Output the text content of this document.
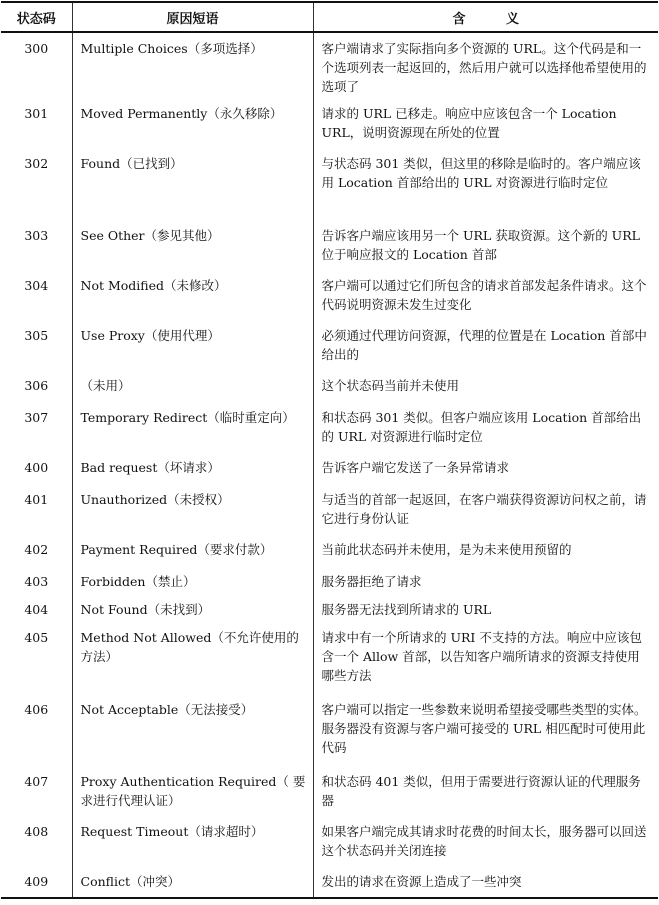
状态码	原因短语	含 义
300	Multiple Choices（多项选择）	客户端请求了实际指向多个资源的 URL。这个代码是和一个选项列表一起返回的，然后用户就可以选择他希望使用的选项了
301	Moved Permanently（永久移除）	请求的 URL 已移走。响应中应该包含一个 Location URL，说明资源现在所处的位置
302	Found（已找到）	与状态码 301 类似，但这里的移除是临时的。客户端应该用 Location 首部给出的 URL 对资源进行临时定位
303	See Other（参见其他）	告诉客户端应该用另一个 URL 获取资源。这个新的 URL 位于响应报文的 Location 首部
304	Not Modified（未修改）	客户端可以通过它们所包含的请求首部发起条件请求。这个代码说明资源未发生过变化
305	Use Proxy（使用代理）	必须通过代理访问资源，代理的位置是在 Location 首部中给出的
306	（未用）	这个状态码当前并未使用
307	Temporary Redirect（临时重定向）	和状态码 301 类似。但客户端应该用 Location 首部给出的 URL 对资源进行临时定位
400	Bad request（坏请求）	告诉客户端它发送了一条异常请求
401	Unauthorized（未授权）	与适当的首部一起返回，在客户端获得资源访问权之前，请它进行身份认证
402	Payment Required（要求付款）	当前此状态码并未使用，是为未来使用预留的
403	Forbidden（禁止）	服务器拒绝了请求
404	Not Found（未找到）	服务器无法找到所请求的 URL
405	Method Not Allowed（不允许使用的方法）	请求中有一个所请求的 URI 不支持的方法。响应中应该包含一个 Allow 首部，以告知客户端所请求的资源支持使用哪些方法
406	Not Acceptable（无法接受）	客户端可以指定一些参数来说明希望接受哪些类型的实体。服务器没有资源与客户端可接受的 URL 相匹配时可使用此代码
407	Proxy Authentication Required（ 要求进行代理认证）	和状态码 401 类似，但用于需要进行资源认证的代理服务器
408	Request Timeout（请求超时）	如果客户端完成其请求时花费的时间太长，服务器可以回送这个状态码并关闭连接
409	Conflict（冲突）	发出的请求在资源上造成了一些冲突
